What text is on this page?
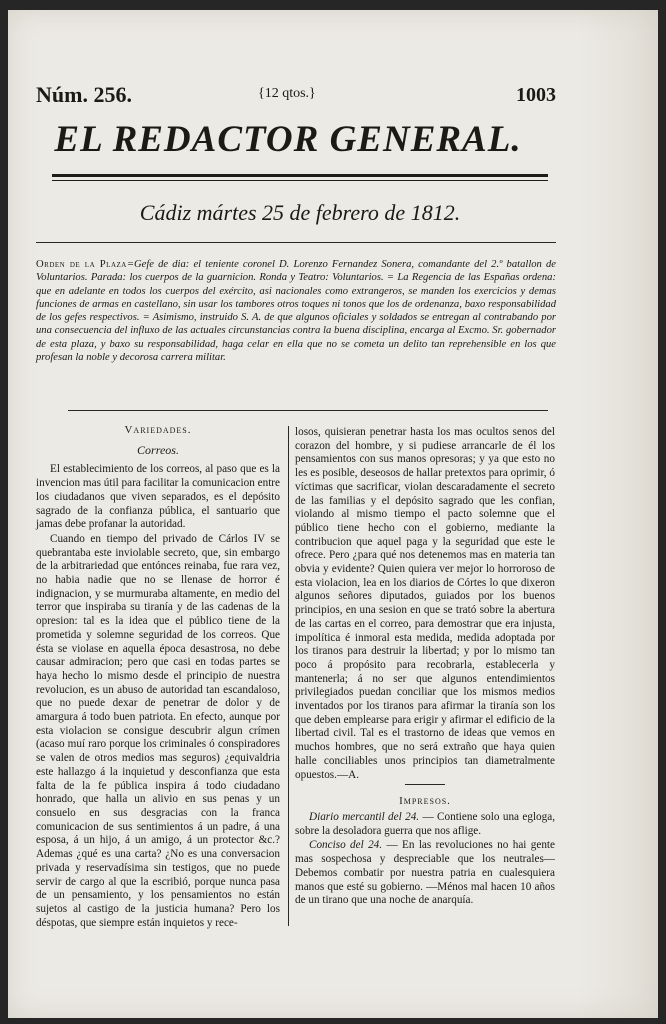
Núm. 256.	{12 qtos.}	1003
EL REDACTOR GENERAL.
Cádiz mártes 25 de febrero de 1812.

Orden de la Plaza=Gefe de dia: el teniente coronel D. Lorenzo Fernandez Sonera, comandante del 2.º batallon de Voluntarios. Parada: los cuerpos de la guarnicion. Ronda y Teatro: Voluntarios. = La Regencia de las Españas ordena: que en adelante en todos los cuerpos del exército, asi nacionales como extrangeros, se manden los exercicios y demas funciones de armas en castellano, sin usar los tambores otros toques ni tonos que los de ordenanza, baxo responsabilidad de los gefes respectivos. = Asimismo, instruido S. A. de que algunos oficiales y soldados se entregan al contrabando por una consecuencia del influxo de las actuales circunstancias contra la buena disciplina, encarga al Excmo. Sr. gobernador de esta plaza, y baxo su responsabilidad, haga celar en ella que no se cometa un delito tan reprehensible en los que profesan la noble y decorosa carrera militar.

Variedades.

Correos.

El establecimiento de los correos, al paso que es la invencion mas útil para facilitar la comunicacion entre los ciudadanos que viven separados, es el depósito sagrado de la confianza pública, el santuario que jamas debe profanar la autoridad.

Cuando en tiempo del privado de Cárlos IV se quebrantaba este inviolable secreto, que, sin embargo de la arbitrariedad que entónces reinaba, fue rara vez, no habia nadie que no se llenase de horror é indignacion, y se murmuraba altamente, en medio del terror que inspiraba su tiranía y de las cadenas de la opresion: tal es la idea que el público tiene de la prometida y solemne seguridad de los correos. Que ésta se violase en aquella época desastrosa, no debe causar admiracion; pero que casi en todas partes se haya hecho lo mismo desde el principio de nuestra revolucion, es un abuso de autoridad tan escandaloso, que no puede dexar de penetrar de dolor y de amargura á todo buen patriota. En efecto, aunque por esta violacion se consigue descubrir algun crímen (acaso muí raro porque los criminales ó conspiradores se valen de otros medios mas seguros) ¿equivaldria este hallazgo á la inquietud y desconfianza que esta falta de la fe pública inspira á todo ciudadano honrado, que halla un alivio en sus penas y un consuelo en sus desgracias con la franca comunicacion de sus sentimientos á un padre, á una esposa, á un hijo, á un amigo, á un protector &c.? Ademas ¿qué es una carta? ¿No es una conversacion privada y reservadísima sin testigos, que no puede servir de cargo al que la escribió, porque nunca pasa de un pensamiento, y los pensamientos no están sujetos al castigo de la justicia humana? Pero los déspotas, que siempre están inquietos y rece-

losos, quisieran penetrar hasta los mas ocultos senos del corazon del hombre, y si pudiese arrancarle de él los pensamientos con sus manos opresoras; y ya que esto no les es posible, deseosos de hallar pretextos para oprimir, ó víctimas que sacrificar, violan descaradamente el secreto de las familias y el depósito sagrado que les confian, violando al mismo tiempo el pacto solemne que el público tiene hecho con el gobierno, mediante la contribucion que aquel paga y la seguridad que este le ofrece. Pero ¿para qué nos detenemos mas en materia tan obvia y evidente? Quien quiera ver mejor lo horroroso de esta violacion, lea en los diarios de Córtes lo que dixeron algunos señores diputados, guiados por los buenos principios, en una sesion en que se trató sobre la abertura de las cartas en el correo, para demostrar que era injusta, impolítica é inmoral esta medida, medida adoptada por los tiranos para destruir la libertad; y por lo mismo tan poco á propósito para recobrarla, establecerla y mantenerla; á no ser que algunos entendimientos privilegiados puedan conciliar que los mismos medios inventados por los tiranos para afirmar la tiranía son los que deben emplearse para erigir y afirmar el edificio de la libertad civil. Tal es el trastorno de ideas que vemos en muchos hombres, que no será extraño que haya quien halle conciliables unos principios tan diametralmente opuestos.—A.

Impresos.

Diario mercantil del 24. — Contiene solo una egloga, sobre la desoladora guerra que nos aflige.

Conciso del 24. — En las revoluciones no hai gente mas sospechosa y despreciable que los neutrales—Debemos combatir por nuestra patria en cualesquiera manos que esté su gobierno. —Ménos mal hacen 10 años de un tirano que una noche de anarquía.
